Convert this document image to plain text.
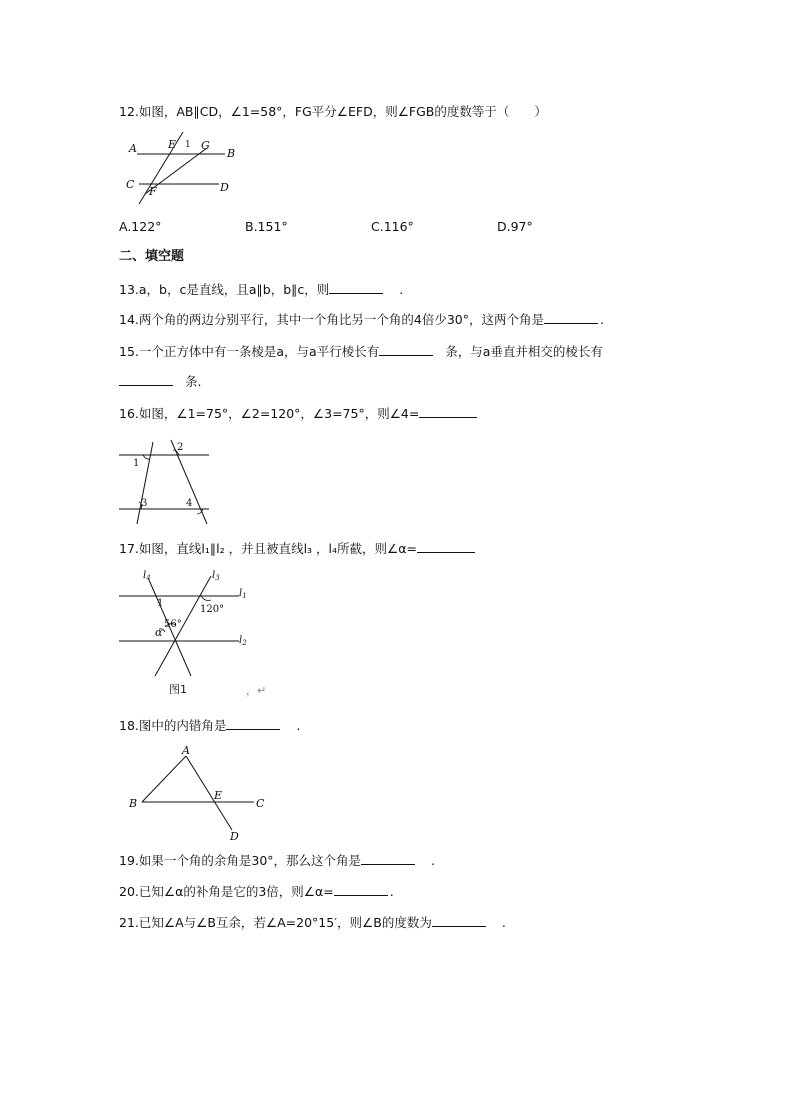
12.如图，AB∥CD，∠1=58°，FG平分∠EFD，则∠FGB的度数等于（　　）
A	B
C	D
E
F
G
1
A.122°	B.151°	C.116°	D.97°
二、填空题
13.a，b，c是直线，且a∥b，b∥c，则	.
14.两个角的两边分别平行，其中一个角比另一个角的4倍少30°，这两个角是	.
15.一个正方体中有一条棱是a，与a平行棱长有	条，与a垂直并相交的棱长有
条.
16.如图，∠1=75°，∠2=120°，∠3=75°，则∠4=
1
2
3	4
17.如图，直线l₁∥l₂ ，并且被直线l₃ ，l₄所截，则∠α=
$l_4$	$l_3$
$l_1$
$l_2$
1
120°
56°
α
图1	，↵
18.图中的内错角是	.
A
B	C
D
E
19.如果一个角的余角是30°，那么这个角是	.
20.已知∠α的补角是它的3倍，则∠α=	.
21.已知∠A与∠B互余，若∠A=20°15′，则∠B的度数为	.
